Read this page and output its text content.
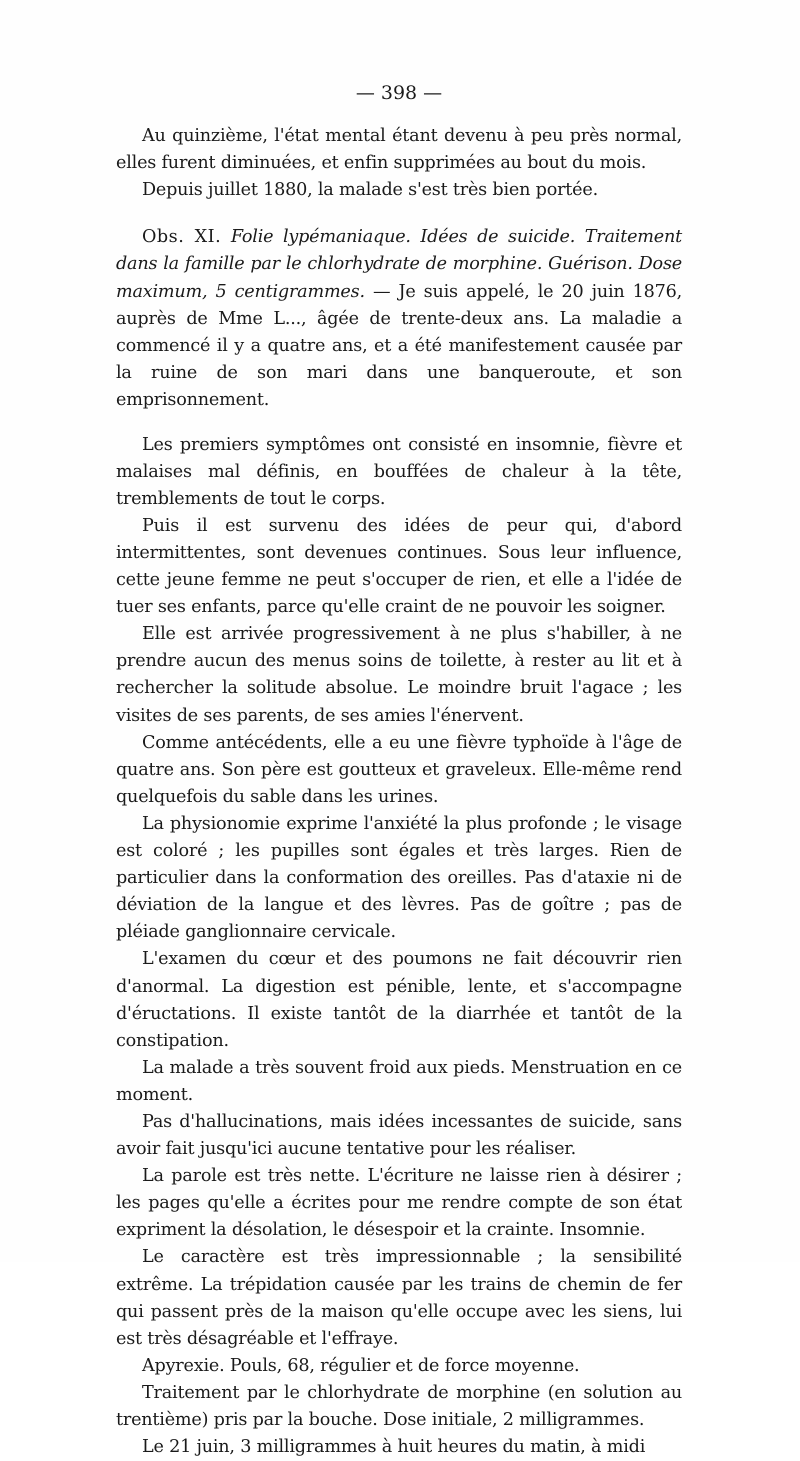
— 398 —

Au quinzième, l'état mental étant devenu à peu près normal, elles furent diminuées, et enfin supprimées au bout du mois.

Depuis juillet 1880, la malade s'est très bien portée.

Obs. XI. Folie lypémaniaque. Idées de suicide. Traitement dans la famille par le chlorhydrate de morphine. Guérison. Dose maximum, 5 centigrammes. — Je suis appelé, le 20 juin 1876, auprès de Mme L..., âgée de trente-deux ans. La maladie a commencé il y a quatre ans, et a été manifestement causée par la ruine de son mari dans une banqueroute, et son emprisonnement.

Les premiers symptômes ont consisté en insomnie, fièvre et malaises mal définis, en bouffées de chaleur à la tête, tremblements de tout le corps.

Puis il est survenu des idées de peur qui, d'abord intermittentes, sont devenues continues. Sous leur influence, cette jeune femme ne peut s'occuper de rien, et elle a l'idée de tuer ses enfants, parce qu'elle craint de ne pouvoir les soigner.

Elle est arrivée progressivement à ne plus s'habiller, à ne prendre aucun des menus soins de toilette, à rester au lit et à rechercher la solitude absolue. Le moindre bruit l'agace ; les visites de ses parents, de ses amies l'énervent.

Comme antécédents, elle a eu une fièvre typhoïde à l'âge de quatre ans. Son père est goutteux et graveleux. Elle-même rend quelquefois du sable dans les urines.

La physionomie exprime l'anxiété la plus profonde ; le visage est coloré ; les pupilles sont égales et très larges. Rien de particulier dans la conformation des oreilles. Pas d'ataxie ni de déviation de la langue et des lèvres. Pas de goître ; pas de pléiade ganglionnaire cervicale.

L'examen du cœur et des poumons ne fait découvrir rien d'anormal. La digestion est pénible, lente, et s'accompagne d'éructations. Il existe tantôt de la diarrhée et tantôt de la constipation.

La malade a très souvent froid aux pieds. Menstruation en ce moment.

Pas d'hallucinations, mais idées incessantes de suicide, sans avoir fait jusqu'ici aucune tentative pour les réaliser.

La parole est très nette. L'écriture ne laisse rien à désirer ; les pages qu'elle a écrites pour me rendre compte de son état expriment la désolation, le désespoir et la crainte. Insomnie.

Le caractère est très impressionnable ; la sensibilité extrême. La trépidation causée par les trains de chemin de fer qui passent près de la maison qu'elle occupe avec les siens, lui est très désagréable et l'effraye.

Apyrexie. Pouls, 68, régulier et de force moyenne.

Traitement par le chlorhydrate de morphine (en solution au trentième) pris par la bouche. Dose initiale, 2 milligrammes.

Le 21 juin, 3 milligrammes à huit heures du matin, à midi
